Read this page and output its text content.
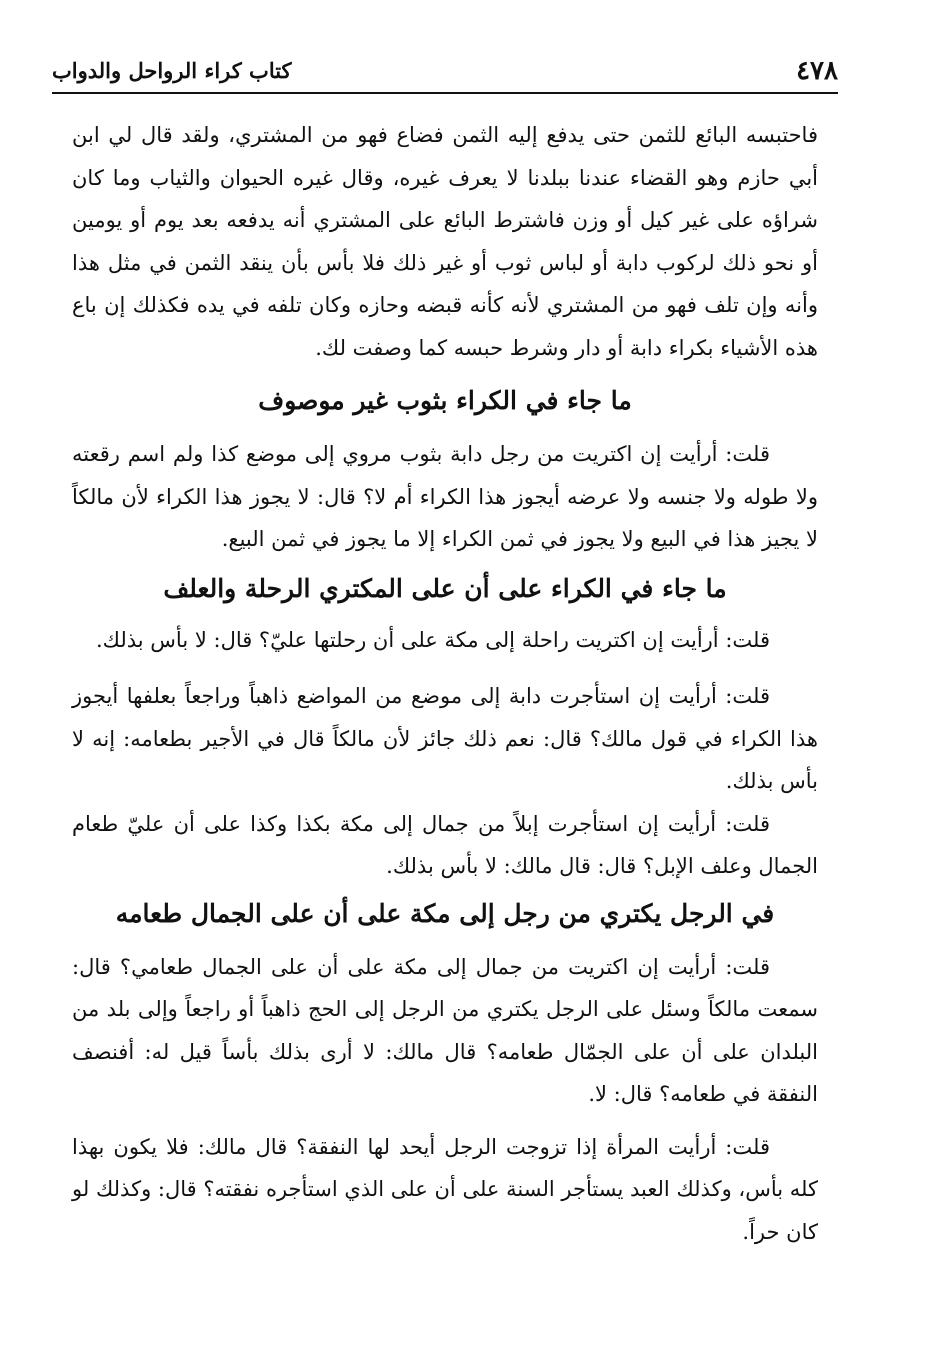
٤٧٨
كتاب كراء الرواحل والدواب

فاحتبسه البائع للثمن حتى يدفع إليه الثمن فضاع فهو من المشتري، ولقد قال لي ابن أبي حازم وهو القضاء عندنا ببلدنا لا يعرف غيره، وقال غيره الحيوان والثياب وما كان شراؤه على غير كيل أو وزن فاشترط البائع على المشتري أنه يدفعه بعد يوم أو يومين أو نحو ذلك لركوب دابة أو لباس ثوب أو غير ذلك فلا بأس بأن ينقد الثمن في مثل هذا وأنه وإن تلف فهو من المشتري لأنه كأنه قبضه وحازه وكان تلفه في يده فكذلك إن باع هذه الأشياء بكراء دابة أو دار وشرط حبسه كما وصفت لك.

ما جاء في الكراء بثوب غير موصوف

قلت: أرأيت إن اكتريت من رجل دابة بثوب مروي إلى موضع كذا ولم اسم رقعته ولا طوله ولا جنسه ولا عرضه أيجوز هذا الكراء أم لا؟ قال: لا يجوز هذا الكراء لأن مالكاً لا يجيز هذا في البيع ولا يجوز في ثمن الكراء إلا ما يجوز في ثمن البيع.

ما جاء في الكراء على أن على المكتري الرحلة والعلف

قلت: أرأيت إن اكتريت راحلة إلى مكة على أن رحلتها عليّ؟ قال: لا بأس بذلك.

قلت: أرأيت إن استأجرت دابة إلى موضع من المواضع ذاهباً وراجعاً بعلفها أيجوز هذا الكراء في قول مالك؟ قال: نعم ذلك جائز لأن مالكاً قال في الأجير بطعامه: إنه لا بأس بذلك.

قلت: أرأيت إن استأجرت إبلاً من جمال إلى مكة بكذا وكذا على أن عليّ طعام الجمال وعلف الإبل؟ قال: قال مالك: لا بأس بذلك.

في الرجل يكتري من رجل إلى مكة على أن على الجمال طعامه

قلت: أرأيت إن اكتريت من جمال إلى مكة على أن على الجمال طعامي؟ قال: سمعت مالكاً وسئل على الرجل يكتري من الرجل إلى الحج ذاهباً أو راجعاً وإلى بلد من البلدان على أن على الجمّال طعامه؟ قال مالك: لا أرى بذلك بأساً قيل له: أفنصف النفقة في طعامه؟ قال: لا.

قلت: أرأيت المرأة إذا تزوجت الرجل أيحد لها النفقة؟ قال مالك: فلا يكون بهذا كله بأس، وكذلك العبد يستأجر السنة على أن على الذي استأجره نفقته؟ قال: وكذلك لو كان حراً.
